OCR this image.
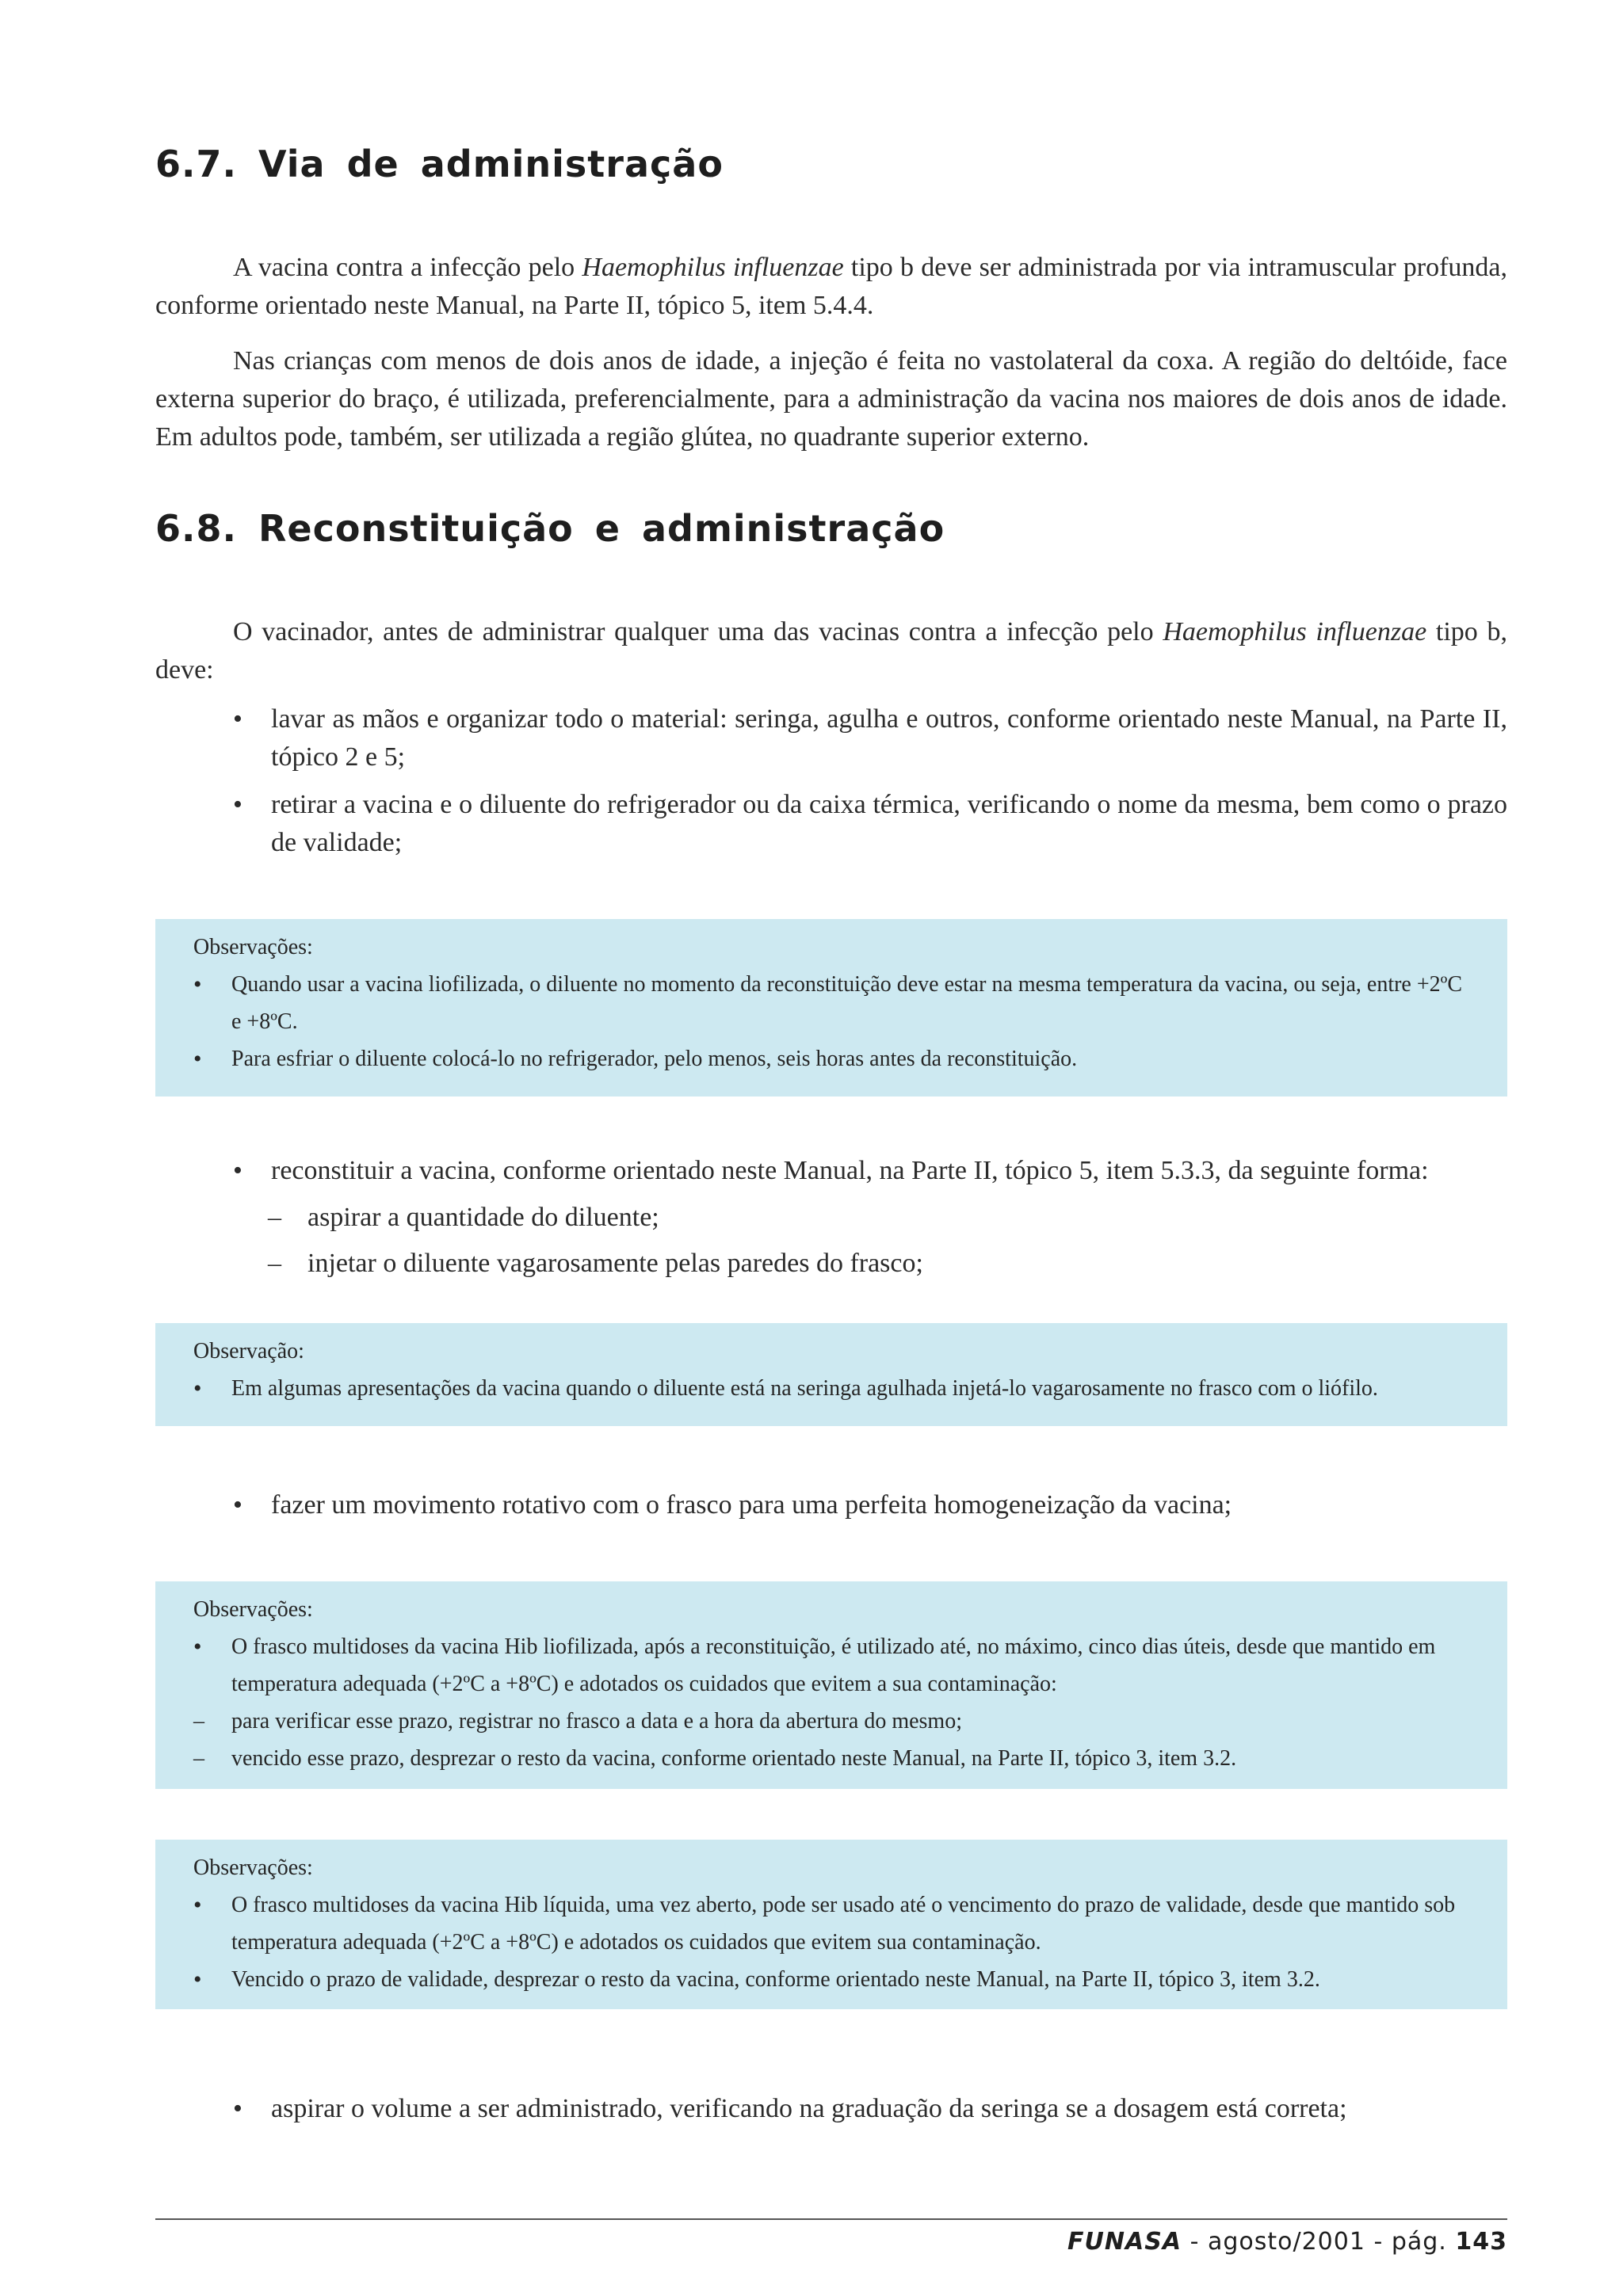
6.7. Via de administração

A vacina contra a infecção pelo Haemophilus influenzae tipo b deve ser administrada por via intramuscular profunda, conforme orientado neste Manual, na Parte II, tópico 5, item 5.4.4.

Nas crianças com menos de dois anos de idade, a injeção é feita no vastolateral da coxa. A região do deltóide, face externa superior do braço, é utilizada, preferencialmente, para a administração da vacina nos maiores de dois anos de idade. Em adultos pode, também, ser utilizada a região glútea, no quadrante superior externo.

6.8. Reconstituição e administração

O vacinador, antes de administrar qualquer uma das vacinas contra a infecção pelo Haemophilus influenzae tipo b, deve:

• lavar as mãos e organizar todo o material: seringa, agulha e outros, conforme orientado neste Manual, na Parte II, tópico 2 e 5;
• retirar a vacina e o diluente do refrigerador ou da caixa térmica, verificando o nome da mesma, bem como o prazo de validade;

Observações:

• Quando usar a vacina liofilizada, o diluente no momento da reconstituição deve estar na mesma temperatura da vacina, ou seja, entre +2ºC e +8ºC.
• Para esfriar o diluente colocá-lo no refrigerador, pelo menos, seis horas antes da reconstituição.
• reconstituir a vacina, conforme orientado neste Manual, na Parte II, tópico 5, item 5.3.3, da seguinte forma:
– aspirar a quantidade do diluente;
– injetar o diluente vagarosamente pelas paredes do frasco;

Observação:

• Em algumas apresentações da vacina quando o diluente está na seringa agulhada injetá-lo vagarosamente no frasco com o liófilo.
• fazer um movimento rotativo com o frasco para uma perfeita homogeneização da vacina;

Observações:

• O frasco multidoses da vacina Hib liofilizada, após a reconstituição, é utilizado até, no máximo, cinco dias úteis, desde que mantido em temperatura adequada (+2ºC a +8ºC) e adotados os cuidados que evitem a sua contaminação:
– para verificar esse prazo, registrar no frasco a data e a hora da abertura do mesmo;
– vencido esse prazo, desprezar o resto da vacina, conforme orientado neste Manual, na Parte II, tópico 3, item 3.2.

Observações:

• O frasco multidoses da vacina Hib líquida, uma vez aberto, pode ser usado até o vencimento do prazo de validade, desde que mantido sob temperatura adequada (+2ºC a +8ºC) e adotados os cuidados que evitem sua contaminação.
• Vencido o prazo de validade, desprezar o resto da vacina, conforme orientado neste Manual, na Parte II, tópico 3, item 3.2.
• aspirar o volume a ser administrado, verificando na graduação da seringa se a dosagem está correta;
FUNASA - agosto/2001 - pág. 143
